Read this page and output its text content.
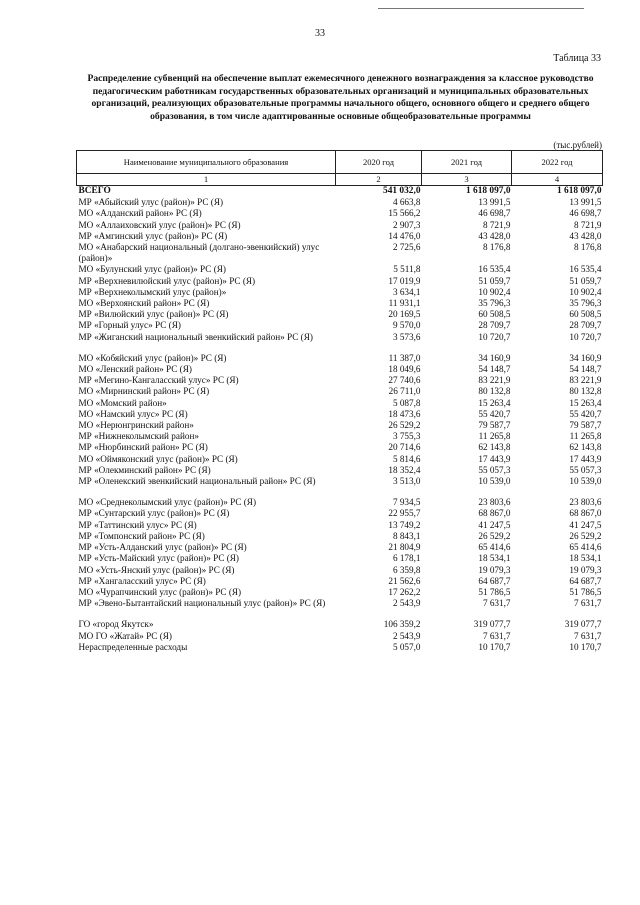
33
Таблица 33
Распределение субвенций на обеспечение выплат ежемесячного денежного вознаграждения за классное руководство педагогическим работникам государственных образовательных организаций и муниципальных образовательных организаций, реализующих образовательные программы начального общего, основного общего и среднего общего образования, в том числе адаптированные основные общеобразовательные программы
(тыс.рублей)
Наименование муниципального образования	2020 год	2021 год	2022 год
1	2	3	4
ВСЕГО	541 032,0	1 618 097,0	1 618 097,0
МР «Абыйский улус (район)» РС (Я)	4 663,8	13 991,5	13 991,5
МО «Алданский район» РС (Я)	15 566,2	46 698,7	46 698,7
МО «Аллаиховский улус (район)» РС (Я)	2 907,3	8 721,9	8 721,9
МР «Амгинский улус (район)» РС (Я)	14 476,0	43 428,0	43 428,0
МО «Анабарский национальный (долгано-эвенкийский) улус (район)»	2 725,6	8 176,8	8 176,8
МО «Булунский улус (район)» РС (Я)	5 511,8	16 535,4	16 535,4
МР «Верхневилюйский улус (район)» РС (Я)	17 019,9	51 059,7	51 059,7
МР «Верхнеколымский улус (район)»	3 634,1	10 902,4	10 902,4
МО «Верхоянский район» РС (Я)	11 931,1	35 796,3	35 796,3
МР «Вилюйский улус (район)» РС (Я)	20 169,5	60 508,5	60 508,5
МР «Горный улус» РС (Я)	9 570,0	28 709,7	28 709,7
МР «Жиганский национальный эвенкийский район» РС (Я)	3 573,6	10 720,7	10 720,7

МО «Кобяйский улус (район)» РС (Я)	11 387,0	34 160,9	34 160,9
МО «Ленский район» РС (Я)	18 049,6	54 148,7	54 148,7
МР «Мегино-Кангаласский улус» РС (Я)	27 740,6	83 221,9	83 221,9
МО «Мирнинский район» РС (Я)	26 711,0	80 132,8	80 132,8
МО «Момский район»	5 087,8	15 263,4	15 263,4
МО «Намский улус» РС (Я)	18 473,6	55 420,7	55 420,7
МО «Нерюнгринский район»	26 529,2	79 587,7	79 587,7
МР «Нижнеколымский район»	3 755,3	11 265,8	11 265,8
МР «Нюрбинский район» РС (Я)	20 714,6	62 143,8	62 143,8
МО «Оймяконский улус (район)» РС (Я)	5 814,6	17 443,9	17 443,9
МР «Олекминский район» РС (Я)	18 352,4	55 057,3	55 057,3
МР «Оленекский эвенкийский национальный район» РС (Я)	3 513,0	10 539,0	10 539,0

МО «Среднеколымский улус (район)» РС (Я)	7 934,5	23 803,6	23 803,6
МР «Сунтарский улус (район)» РС (Я)	22 955,7	68 867,0	68 867,0
МР «Таттинский улус» РС (Я)	13 749,2	41 247,5	41 247,5
МР «Томпонский район» РС (Я)	8 843,1	26 529,2	26 529,2
МР «Усть-Алданский улус (район)» РС (Я)	21 804,9	65 414,6	65 414,6
МР «Усть-Майский улус (район)» РС (Я)	6 178,1	18 534,1	18 534,1
МО «Усть-Янский улус (район)» РС (Я)	6 359,8	19 079,3	19 079,3
МР «Хангаласский улус» РС (Я)	21 562,6	64 687,7	64 687,7
МО «Чурапчинский улус (район)» РС (Я)	17 262,2	51 786,5	51 786,5
МР «Эвено-Бытантайский национальный улус (район)» РС (Я)	2 543,9	7 631,7	7 631,7

ГО «город Якутск»	106 359,2	319 077,7	319 077,7
МО ГО «Жатай» РС (Я)	2 543,9	7 631,7	7 631,7
Нераспределенные расходы	5 057,0	10 170,7	10 170,7
